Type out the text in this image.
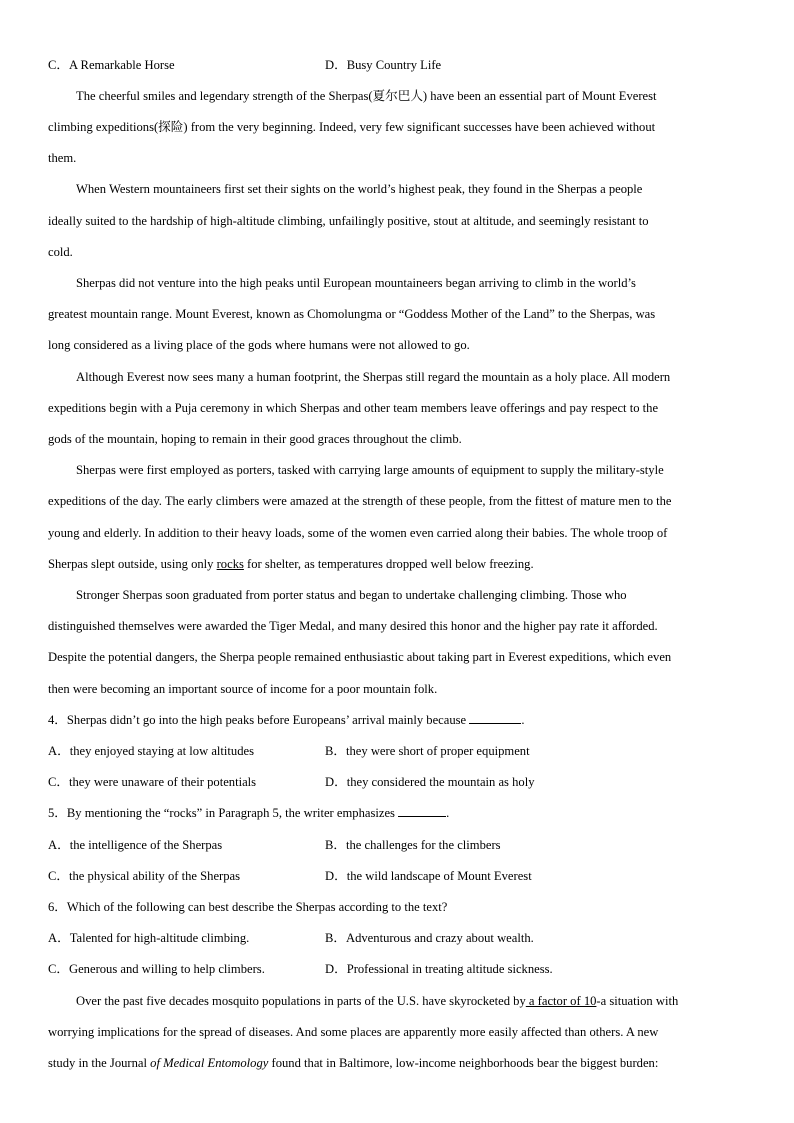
C．A Remarkable Horse	D．Busy Country Life
The cheerful smiles and legendary strength of the Sherpas(夏尔巴人) have been an essential part of Mount Everest
climbing expeditions(探险) from the very beginning. Indeed, very few significant successes have been achieved without
them.
When Western mountaineers first set their sights on the world’s highest peak, they found in the Sherpas a people
ideally suited to the hardship of high-altitude climbing, unfailingly positive, stout at altitude, and seemingly resistant to
cold.
Sherpas did not venture into the high peaks until European mountaineers began arriving to climb in the world’s
greatest mountain range. Mount Everest, known as Chomolungma or “Goddess Mother of the Land” to the Sherpas, was
long considered as a living place of the gods where humans were not allowed to go.
Although Everest now sees many a human footprint, the Sherpas still regard the mountain as a holy place. All modern
expeditions begin with a Puja ceremony in which Sherpas and other team members leave offerings and pay respect to the
gods of the mountain, hoping to remain in their good graces throughout the climb.
Sherpas were first employed as porters, tasked with carrying large amounts of equipment to supply the military-style
expeditions of the day. The early climbers were amazed at the strength of these people, from the fittest of mature men to the
young and elderly. In addition to their heavy loads, some of the women even carried along their babies. The whole troop of
Sherpas slept outside, using only rocks for shelter, as temperatures dropped well below freezing.
Stronger Sherpas soon graduated from porter status and began to undertake challenging climbing. Those who
distinguished themselves were awarded the Tiger Medal, and many desired this honor and the higher pay rate it afforded.
Despite the potential dangers, the Sherpa people remained enthusiastic about taking part in Everest expeditions, which even
then were becoming an important source of income for a poor mountain folk.
4．Sherpas didn’t go into the high peaks before Europeans’ arrival mainly because	.
A．they enjoyed staying at low altitudes	B．they were short of proper equipment
C．they were unaware of their potentials	D．they considered the mountain as holy
5．By mentioning the “rocks” in Paragraph 5, the writer emphasizes	.
A．the intelligence of the Sherpas	B．the challenges for the climbers
C．the physical ability of the Sherpas	D．the wild landscape of Mount Everest
6．Which of the following can best describe the Sherpas according to the text?
A．Talented for high-altitude climbing.	B．Adventurous and crazy about wealth.
C．Generous and willing to help climbers.	D．Professional in treating altitude sickness.
Over the past five decades mosquito populations in parts of the U.S. have skyrocketed by a factor of 10-a situation with
worrying implications for the spread of diseases. And some places are apparently more easily affected than others. A new
study in the Journal of Medical Entomology found that in Baltimore, low-income neighborhoods bear the biggest burden:
